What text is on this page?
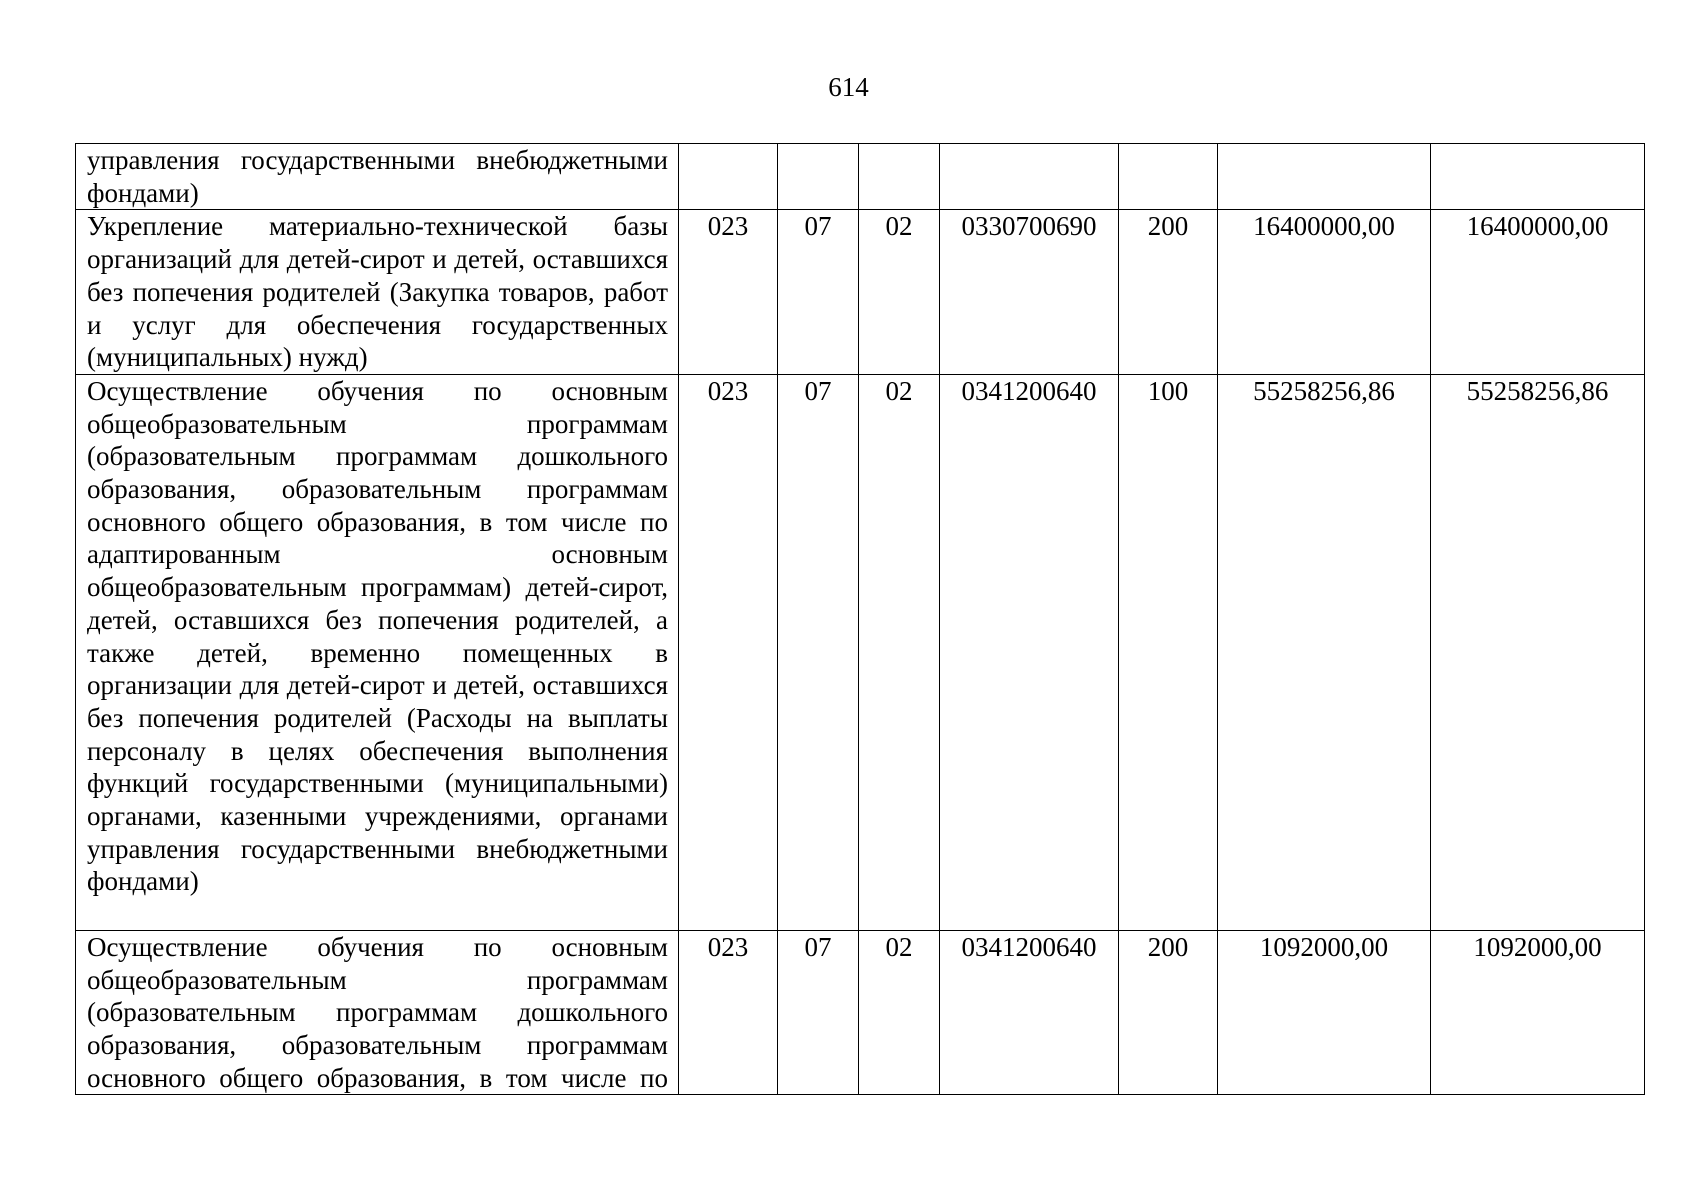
614
управления государственными внебюджетными фондами)							

Укрепление материально-технической базы организаций для детей-сирот и детей, оставшихся без попечения родителей (Закупка товаров, работ и услуг для обеспечения государственных (муниципальных) нужд)	023	07	02	0330700690	200	16400000,00	16400000,00

Осуществление обучения по основным общеобразовательным программам (образовательным программам дошкольного образования, образовательным программам основного общего образования, в том числе по адаптированным основным общеобразовательным программам) детей-сирот, детей, оставшихся без попечения родителей, а также детей, временно помещенных в организации для детей-сирот и детей, оставшихся без попечения родителей (Расходы на выплаты персоналу в целях обеспечения выполнения функций государственными (муниципальными) органами, казенными учреждениями, органами управления государственными внебюджетными фондами)	023	07	02	0341200640	100	55258256,86	55258256,86

Осуществление обучения по основным общеобразовательным программам (образовательным программам дошкольного образования, образовательным программам основного общего образования, в том числе по	023	07	02	0341200640	200	1092000,00	1092000,00
